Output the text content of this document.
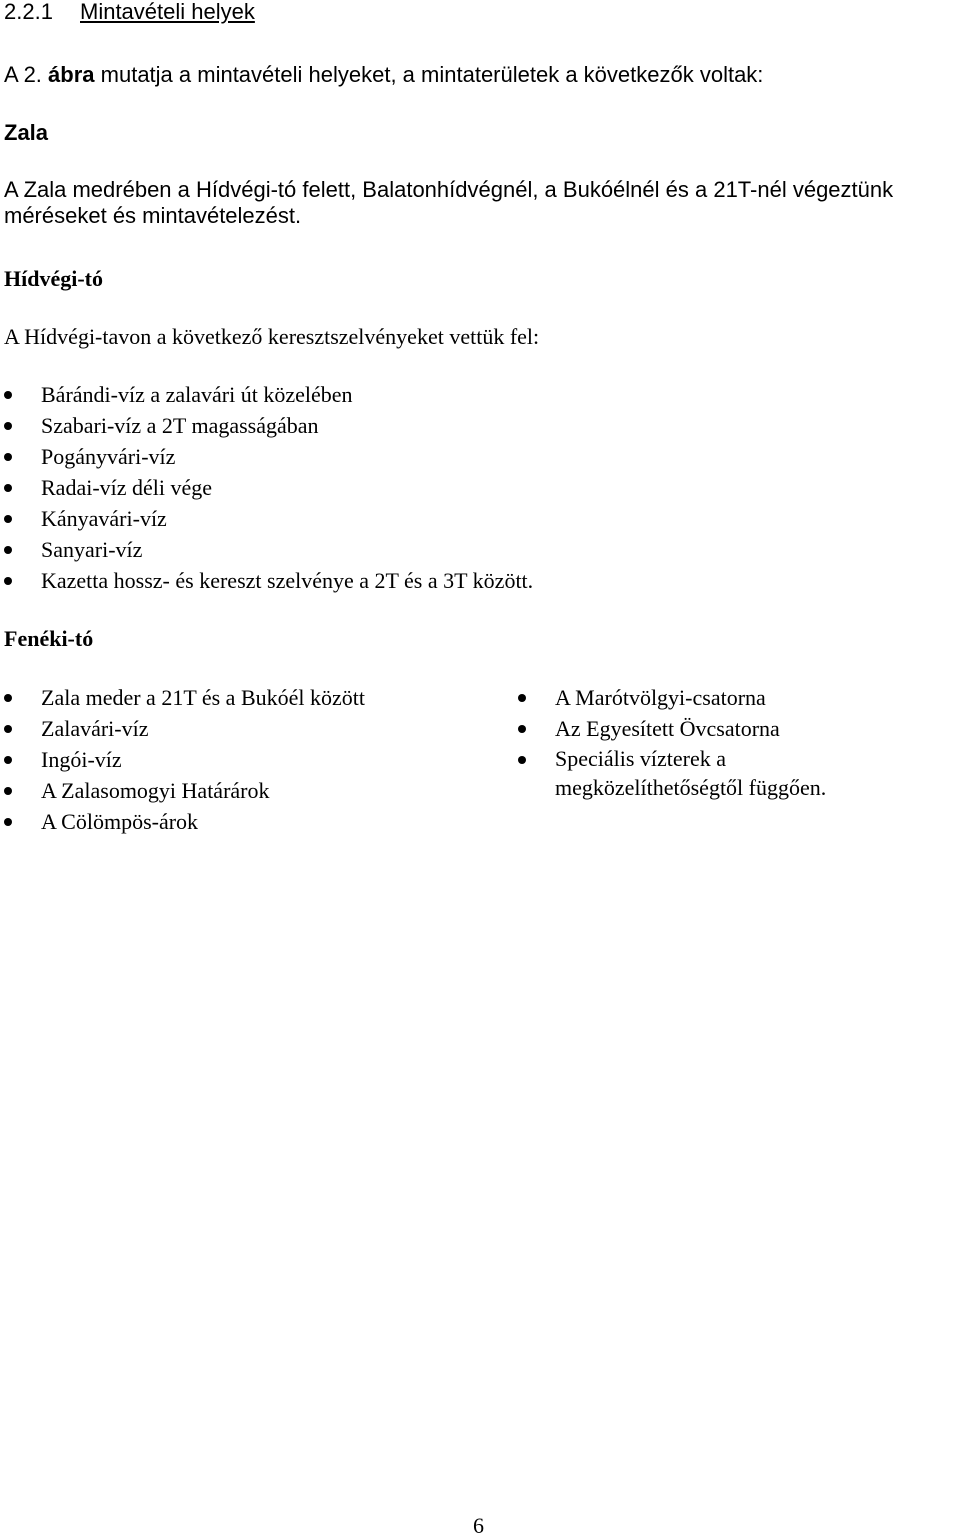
2.2.1 Mintavételi helyek
A 2. ábra mutatja a mintavételi helyeket, a mintaterületek a következők voltak:
Zala
A Zala medrében a Hídvégi-tó felett, Balatonhídvégnél, a Bukóélnél és a 21T-nél végeztünk méréseket és mintavételezést.
Hídvégi-tó
A Hídvégi-tavon a következő keresztszelvényeket vettük fel:
Bárándi-víz a zalavári út közelében
Szabari-víz a 2T magasságában
Pogányvári-víz
Radai-víz déli vége
Kányavári-víz
Sanyari-víz
Kazetta hossz- és kereszt szelvénye a 2T és a 3T között.
Fenéki-tó
Zala meder a 21T és a Bukóél között
Zalavári-víz
Ingói-víz
A Zalasomogyi Határárok
A Cölömpös-árok
A Marótvölgyi-csatorna
Az Egyesített Övcsatorna
Speciális vízterek a megközelíthetőségtől függően.
6
